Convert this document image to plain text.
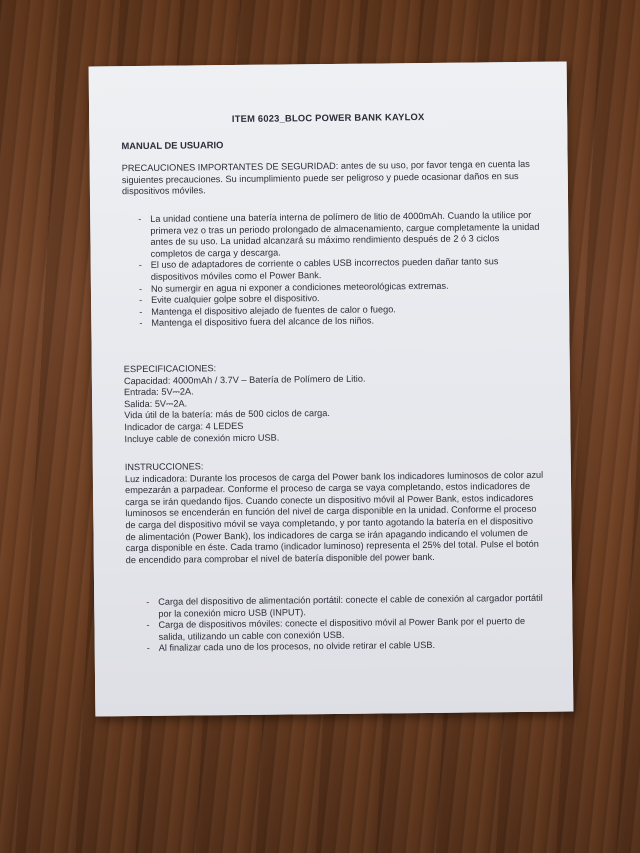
ITEM 6023_BLOC POWER BANK KAYLOX
MANUAL DE USUARIO

PRECAUCIONES IMPORTANTES DE SEGURIDAD: antes de su uso, por favor tenga en cuenta las siguientes precauciones. Su incumplimiento puede ser peligroso y puede ocasionar daños en sus dispositivos móviles.

- La unidad contiene una batería interna de polímero de litio de 4000mAh. Cuando la utilice por primera vez o tras un periodo prolongado de almacenamiento, cargue completamente la unidad antes de su uso. La unidad alcanzará su máximo rendimiento después de 2 ó 3 ciclos completos de carga y descarga.
- El uso de adaptadores de corriente o cables USB incorrectos pueden dañar tanto sus dispositivos móviles como el Power Bank.
- No sumergir en agua ni exponer a condiciones meteorológicas extremas.
- Evite cualquier golpe sobre el dispositivo.
- Mantenga el dispositivo alejado de fuentes de calor o fuego.
- Mantenga el dispositivo fuera del alcance de los niños.

ESPECIFICACIONES:

Capacidad: 4000mAh / 3.7V – Batería de Polímero de Litio.

Entrada: 5V⎓2A.

Salida: 5V⎓2A.

Vida útil de la batería: más de 500 ciclos de carga.

Indicador de carga: 4 LEDES

Incluye cable de conexión micro USB.

INSTRUCCIONES:

Luz indicadora: Durante los procesos de carga del Power bank los indicadores luminosos de color azul empezarán a parpadear. Conforme el proceso de carga se vaya completando, estos indicadores de carga se irán quedando fijos. Cuando conecte un dispositivo móvil al Power Bank, estos indicadores luminosos se encenderán en función del nivel de carga disponible en la unidad. Conforme el proceso de carga del dispositivo móvil se vaya completando, y por tanto agotando la batería en el dispositivo de alimentación (Power Bank), los indicadores de carga se irán apagando indicando el volumen de carga disponible en éste. Cada tramo (indicador luminoso) representa el 25% del total. Pulse el botón de encendido para comprobar el nivel de batería disponible del power bank.

- Carga del dispositivo de alimentación portátil: conecte el cable de conexión al cargador portátil por la conexión micro USB (INPUT).
- Carga de dispositivos móviles: conecte el dispositivo móvil al Power Bank por el puerto de salida, utilizando un cable con conexión USB.
- Al finalizar cada uno de los procesos, no olvide retirar el cable USB.
